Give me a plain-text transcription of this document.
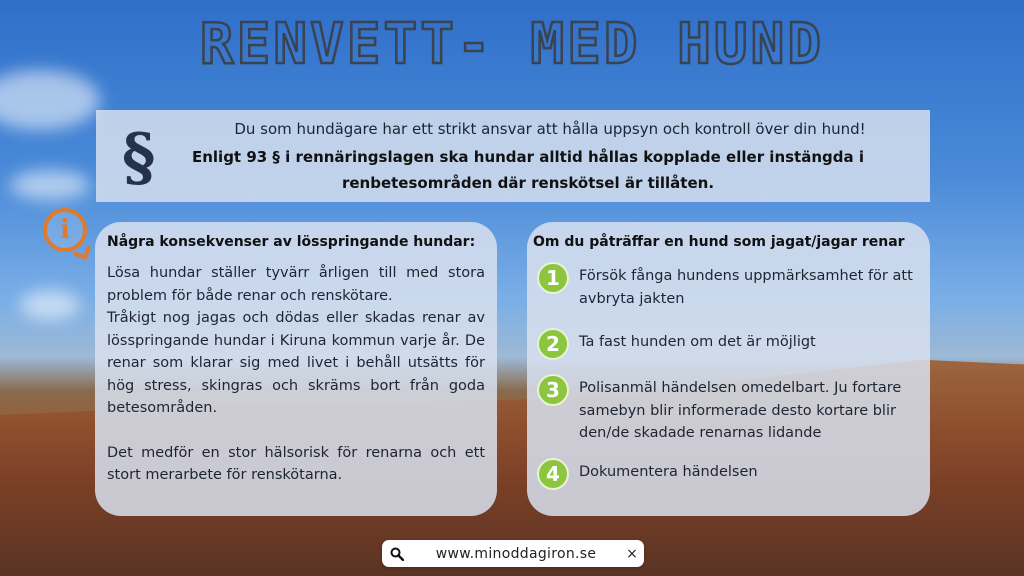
RENVETT- MED HUND
§	Du som hundägare har ett strikt ansvar att hålla uppsyn och kontroll över din hund!
Enligt 93 § i rennäringslagen ska hundar alltid hållas kopplade eller instängda i renbetesområden där renskötsel är tillåten.
i	Några konsekvenser av lösspringande hundar:

Lösa hundar ställer tyvärr årligen till med stora problem för både renar och renskötare.

Tråkigt nog jagas och dödas eller skadas renar av lösspringande hundar i Kiruna kommun varje år. De renar som klarar sig med livet i behåll utsätts för hög stress, skingras och skräms bort från goda betesområden.

Det medför en stor hälsorisk för renarna och ett stort merarbete för renskötarna.

Om du påträffar en hund som jagat/jagar renar
1	Försök fånga hundens uppmärksamhet för att avbryta jakten
2	Ta fast hunden om det är möjligt
3	Polisanmäl händelsen omedelbart. Ju fortare samebyn blir informerade desto kortare blir den/de skadade renarnas lidande
4	Dokumentera händelsen
www.minoddagiron.se	×
